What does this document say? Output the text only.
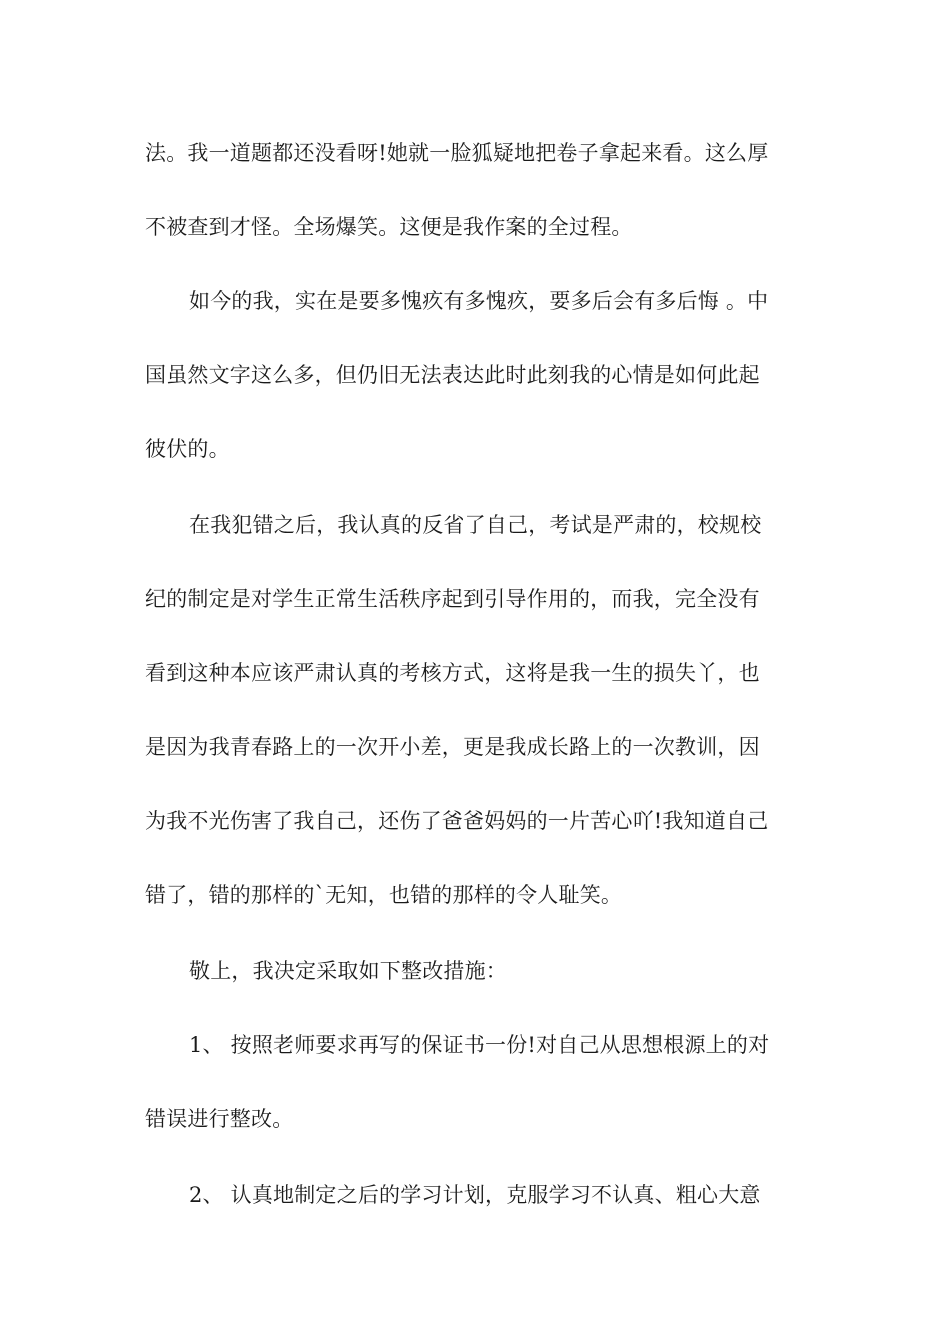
法。我一道题都还没看呀!她就一脸狐疑地把卷子拿起来看。这么厚
不被查到才怪。全场爆笑。这便是我作案的全过程。
如今的我，实在是要多愧疚有多愧疚，要多后会有多后悔 。中
国虽然文字这么多，但仍旧无法表达此时此刻我的心情是如何此起
彼伏的。
在我犯错之后，我认真的反省了自己，考试是严肃的，校规校
纪的制定是对学生正常生活秩序起到引导作用的，而我，完全没有
看到这种本应该严肃认真的考核方式，这将是我一生的损失丫，也
是因为我青春路上的一次开小差，更是我成长路上的一次教训，因
为我不光伤害了我自己，还伤了爸爸妈妈的一片苦心吖!我知道自己
错了，错的那样的`无知，也错的那样的令人耻笑。
敬上，我决定采取如下整改措施：
1、 按照老师要求再写的保证书一份!对自己从思想根源上的对
错误进行整改。
2、 认真地制定之后的学习计划，克服学习不认真、粗心大意
